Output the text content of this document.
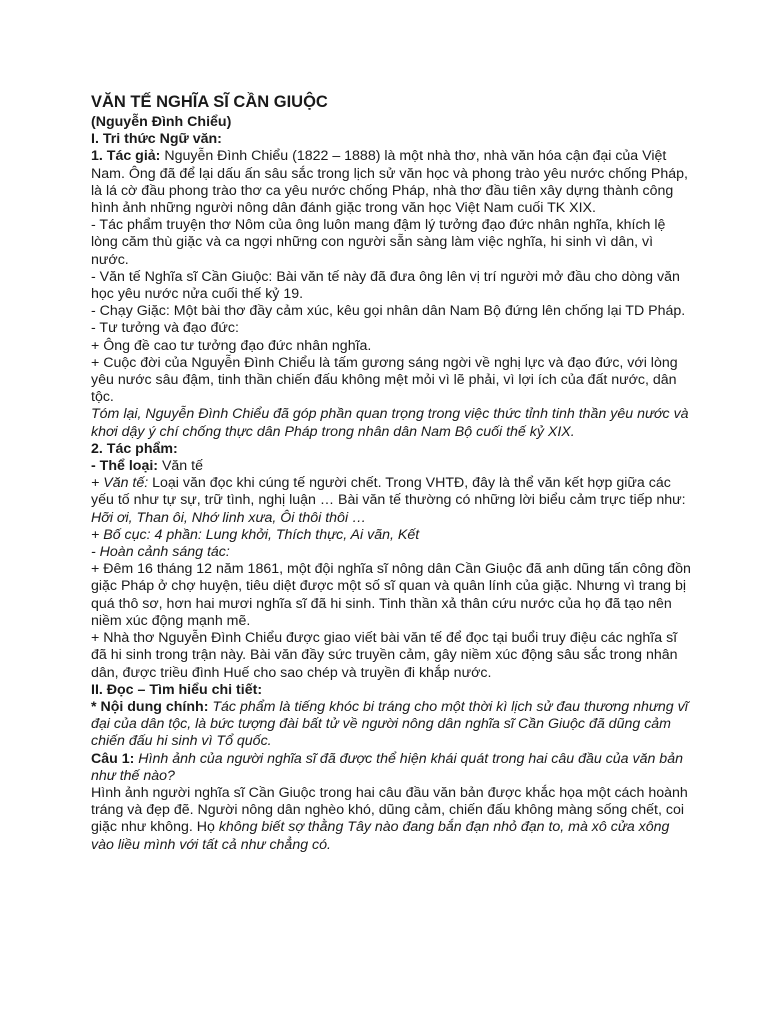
VĂN TẾ NGHĨA SĨ CẦN GIUỘC
(Nguyễn Đình Chiểu)
I. Tri thức Ngữ văn:
1. Tác giả: Nguyễn Đình Chiểu (1822 – 1888) là một nhà thơ, nhà văn hóa cận đại của Việt Nam. Ông đã để lại dấu ấn sâu sắc trong lịch sử văn học và phong trào yêu nước chống Pháp, là lá cờ đầu phong trào thơ ca yêu nước chống Pháp, nhà thơ đầu tiên xây dựng thành công hình ảnh những người nông dân đánh giặc trong văn học Việt Nam cuối TK XIX.
- Tác phẩm truyện thơ Nôm của ông luôn mang đậm lý tưởng đạo đức nhân nghĩa, khích lệ lòng căm thù giặc và ca ngợi những con người sẵn sàng làm việc nghĩa, hi sinh vì dân, vì nước.
- Văn tế Nghĩa sĩ Cần Giuộc: Bài văn tế này đã đưa ông lên vị trí người mở đầu cho dòng văn học yêu nước nửa cuối thế kỷ 19.
- Chạy Giặc: Một bài thơ đầy cảm xúc, kêu gọi nhân dân Nam Bộ đứng lên chống lại TD Pháp.
- Tư tưởng và đạo đức:
+ Ông đề cao tư tưởng đạo đức nhân nghĩa.
+ Cuộc đời của Nguyễn Đình Chiểu là tấm gương sáng ngời về nghị lực và đạo đức, với lòng yêu nước sâu đậm, tinh thần chiến đấu không mệt mỏi vì lẽ phải, vì lợi ích của đất nước, dân tộc.
Tóm lại, Nguyễn Đình Chiểu đã góp phần quan trọng trong việc thức tỉnh tinh thần yêu nước và khơi dậy ý chí chống thực dân Pháp trong nhân dân Nam Bộ cuối thế kỷ XIX.
2. Tác phẩm:
- Thể loại: Văn tế
+ Văn tế: Loại văn đọc khi cúng tế người chết. Trong VHTĐ, đây là thể văn kết hợp giữa các yếu tố như tự sự, trữ tình, nghị luận … Bài văn tế thường có những lời biểu cảm trực tiếp như: Hỡi ơi, Than ôi, Nhớ linh xưa, Ôi thôi thôi …
+ Bố cục: 4 phần: Lung khởi, Thích thực, Ai vãn, Kết
- Hoàn cảnh sáng tác:
+ Đêm 16 tháng 12 năm 1861, một đội nghĩa sĩ nông dân Cần Giuộc đã anh dũng tấn công đồn giặc Pháp ở chợ huyện, tiêu diệt được một số sĩ quan và quân lính của giặc. Nhưng vì trang bị quá thô sơ, hơn hai mươi nghĩa sĩ đã hi sinh. Tinh thần xả thân cứu nước của họ đã tạo nên niềm xúc động mạnh mẽ.
+ Nhà thơ Nguyễn Đình Chiểu được giao viết bài văn tế để đọc tại buổi truy điệu các nghĩa sĩ đã hi sinh trong trận này. Bài văn đầy sức truyền cảm, gây niềm xúc động sâu sắc trong nhân dân, được triều đình Huế cho sao chép và truyền đi khắp nước.
II. Đọc – Tìm hiểu chi tiết:
* Nội dung chính: Tác phẩm là tiếng khóc bi tráng cho một thời kì lịch sử đau thương nhưng vĩ đại của dân tộc, là bức tượng đài bất tử về người nông dân nghĩa sĩ Cần Giuộc đã dũng cảm chiến đấu hi sinh vì Tổ quốc.
Câu 1: Hình ảnh của người nghĩa sĩ đã được thể hiện khái quát trong hai câu đầu của văn bản như thế nào?
Hình ảnh người nghĩa sĩ Cần Giuộc trong hai câu đầu văn bản được khắc họa một cách hoành tráng và đẹp đẽ. Người nông dân nghèo khó, dũng cảm, chiến đấu không màng sống chết, coi giặc như không. Họ không biết sợ thằng Tây nào đang bắn đạn nhỏ đạn to, mà xô cửa xông vào liều mình với tất cả như chẳng có.
